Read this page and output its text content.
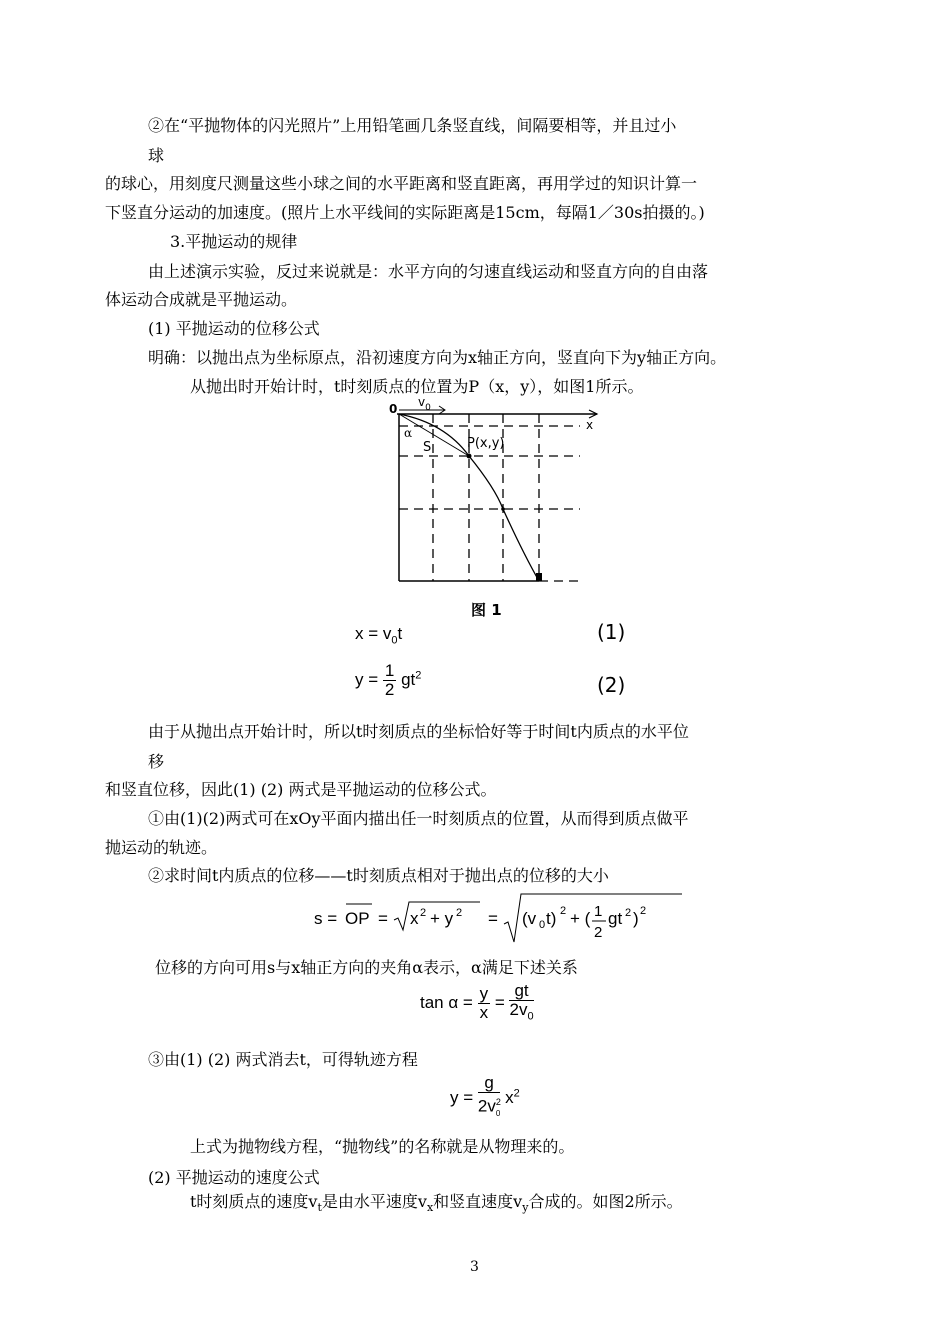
②在“平抛物体的闪光照片”上用铅笔画几条竖直线，间隔要相等，并且过小
球
的球心，用刻度尺测量这些小球之间的水平距离和竖直距离，再用学过的知识计算一
下竖直分运动的加速度。(照片上水平线间的实际距离是15cm，每隔1／30s拍摄的。)
3.平抛运动的规律
由上述演示实验，反过来说就是：水平方向的匀速直线运动和竖直方向的自由落
体运动合成就是平抛运动。
(1) 平抛运动的位移公式
明确：以抛出点为坐标原点，沿初速度方向为x轴正方向，竖直向下为y轴正方向。
从抛出时开始计时，t时刻质点的位置为P（x，y），如图1所示。
0 $v_0$
x
α
S	P(x,y)
图 1
$x = v_0t$	(1)
$y = \frac{1}{2} gt^2$	(2)
由于从抛出点开始计时，所以t时刻质点的坐标恰好等于时间t内质点的水平位
移
和竖直位移，因此(1) (2) 两式是平抛运动的位移公式。
①由(1)(2)两式可在xOy平面内描出任一时刻质点的位置，从而得到质点做平
抛运动的轨迹。
②求时间t内质点的位移——t时刻质点相对于抛出点的位移的大小
s = OP = x 2 + y 2 = (v 0 t) 2 + ( 1
2
gt 2 ) 2
位移的方向可用s与x轴正方向的夹角α表示，α满足下述关系
$\tan \alpha = \frac{y}{x} = \frac{gt}{2v_0}$
③由(1) (2) 两式消去t，可得轨迹方程
$y = \frac{g}{2v^2_0} x^2$
上式为抛物线方程，“抛物线”的名称就是从物理来的。
(2) 平抛运动的速度公式
t时刻质点的速度$v_t$是由水平速度$v_x$和竖直速度$v_y$合成的。如图2所示。
3
